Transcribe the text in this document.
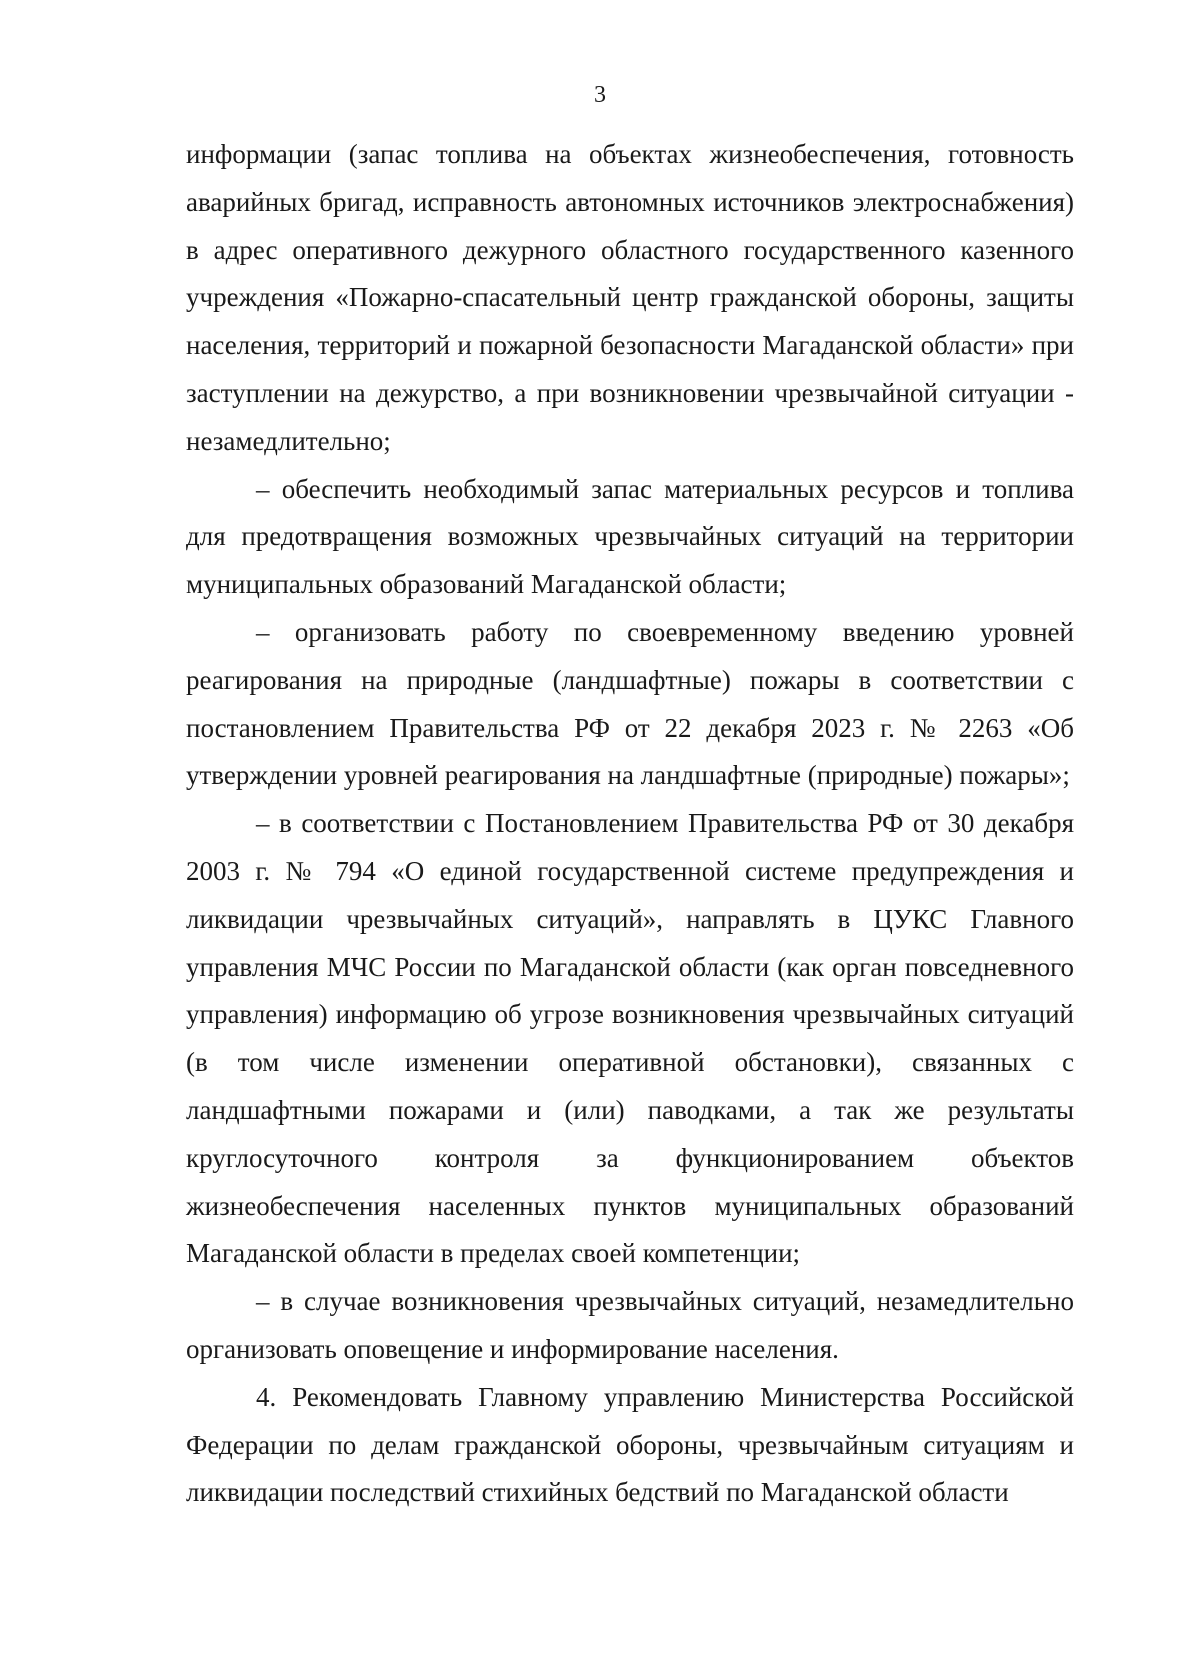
3

информации (запас топлива на объектах жизнеобеспечения, готовность аварийных бригад, исправность автономных источников электроснабжения) в адрес оперативного дежурного областного государственного казенного учреждения «Пожарно-спасательный центр гражданской обороны, защиты населения, территорий и пожарной безопасности Магаданской области» при заступлении на дежурство, а при возникновении чрезвычайной ситуации - незамедлительно;

– обеспечить необходимый запас материальных ресурсов и топлива для предотвращения возможных чрезвычайных ситуаций на территории муниципальных образований Магаданской области;

– организовать работу по своевременному введению уровней реагирования на природные (ландшафтные) пожары в соответствии с постановлением Правительства РФ от 22 декабря 2023 г. № 2263 «Об утверждении уровней реагирования на ландшафтные (природные) пожары»;

– в соответствии с Постановлением Правительства РФ от 30 декабря 2003 г. № 794 «О единой государственной системе предупреждения и ликвидации чрезвычайных ситуаций», направлять в ЦУКС Главного управления МЧС России по Магаданской области (как орган повседневного управления) информацию об угрозе возникновения чрезвычайных ситуаций (в том числе изменении оперативной обстановки), связанных с ландшафтными пожарами и (или) паводками, а так же результаты круглосуточного контроля за функционированием объектов жизнеобеспечения населенных пунктов муниципальных образований Магаданской области в пределах своей компетенции;

– в случае возникновения чрезвычайных ситуаций, незамедлительно организовать оповещение и информирование населения.

4. Рекомендовать Главному управлению Министерства Российской Федерации по делам гражданской обороны, чрезвычайным ситуациям и ликвидации последствий стихийных бедствий по Магаданской области
